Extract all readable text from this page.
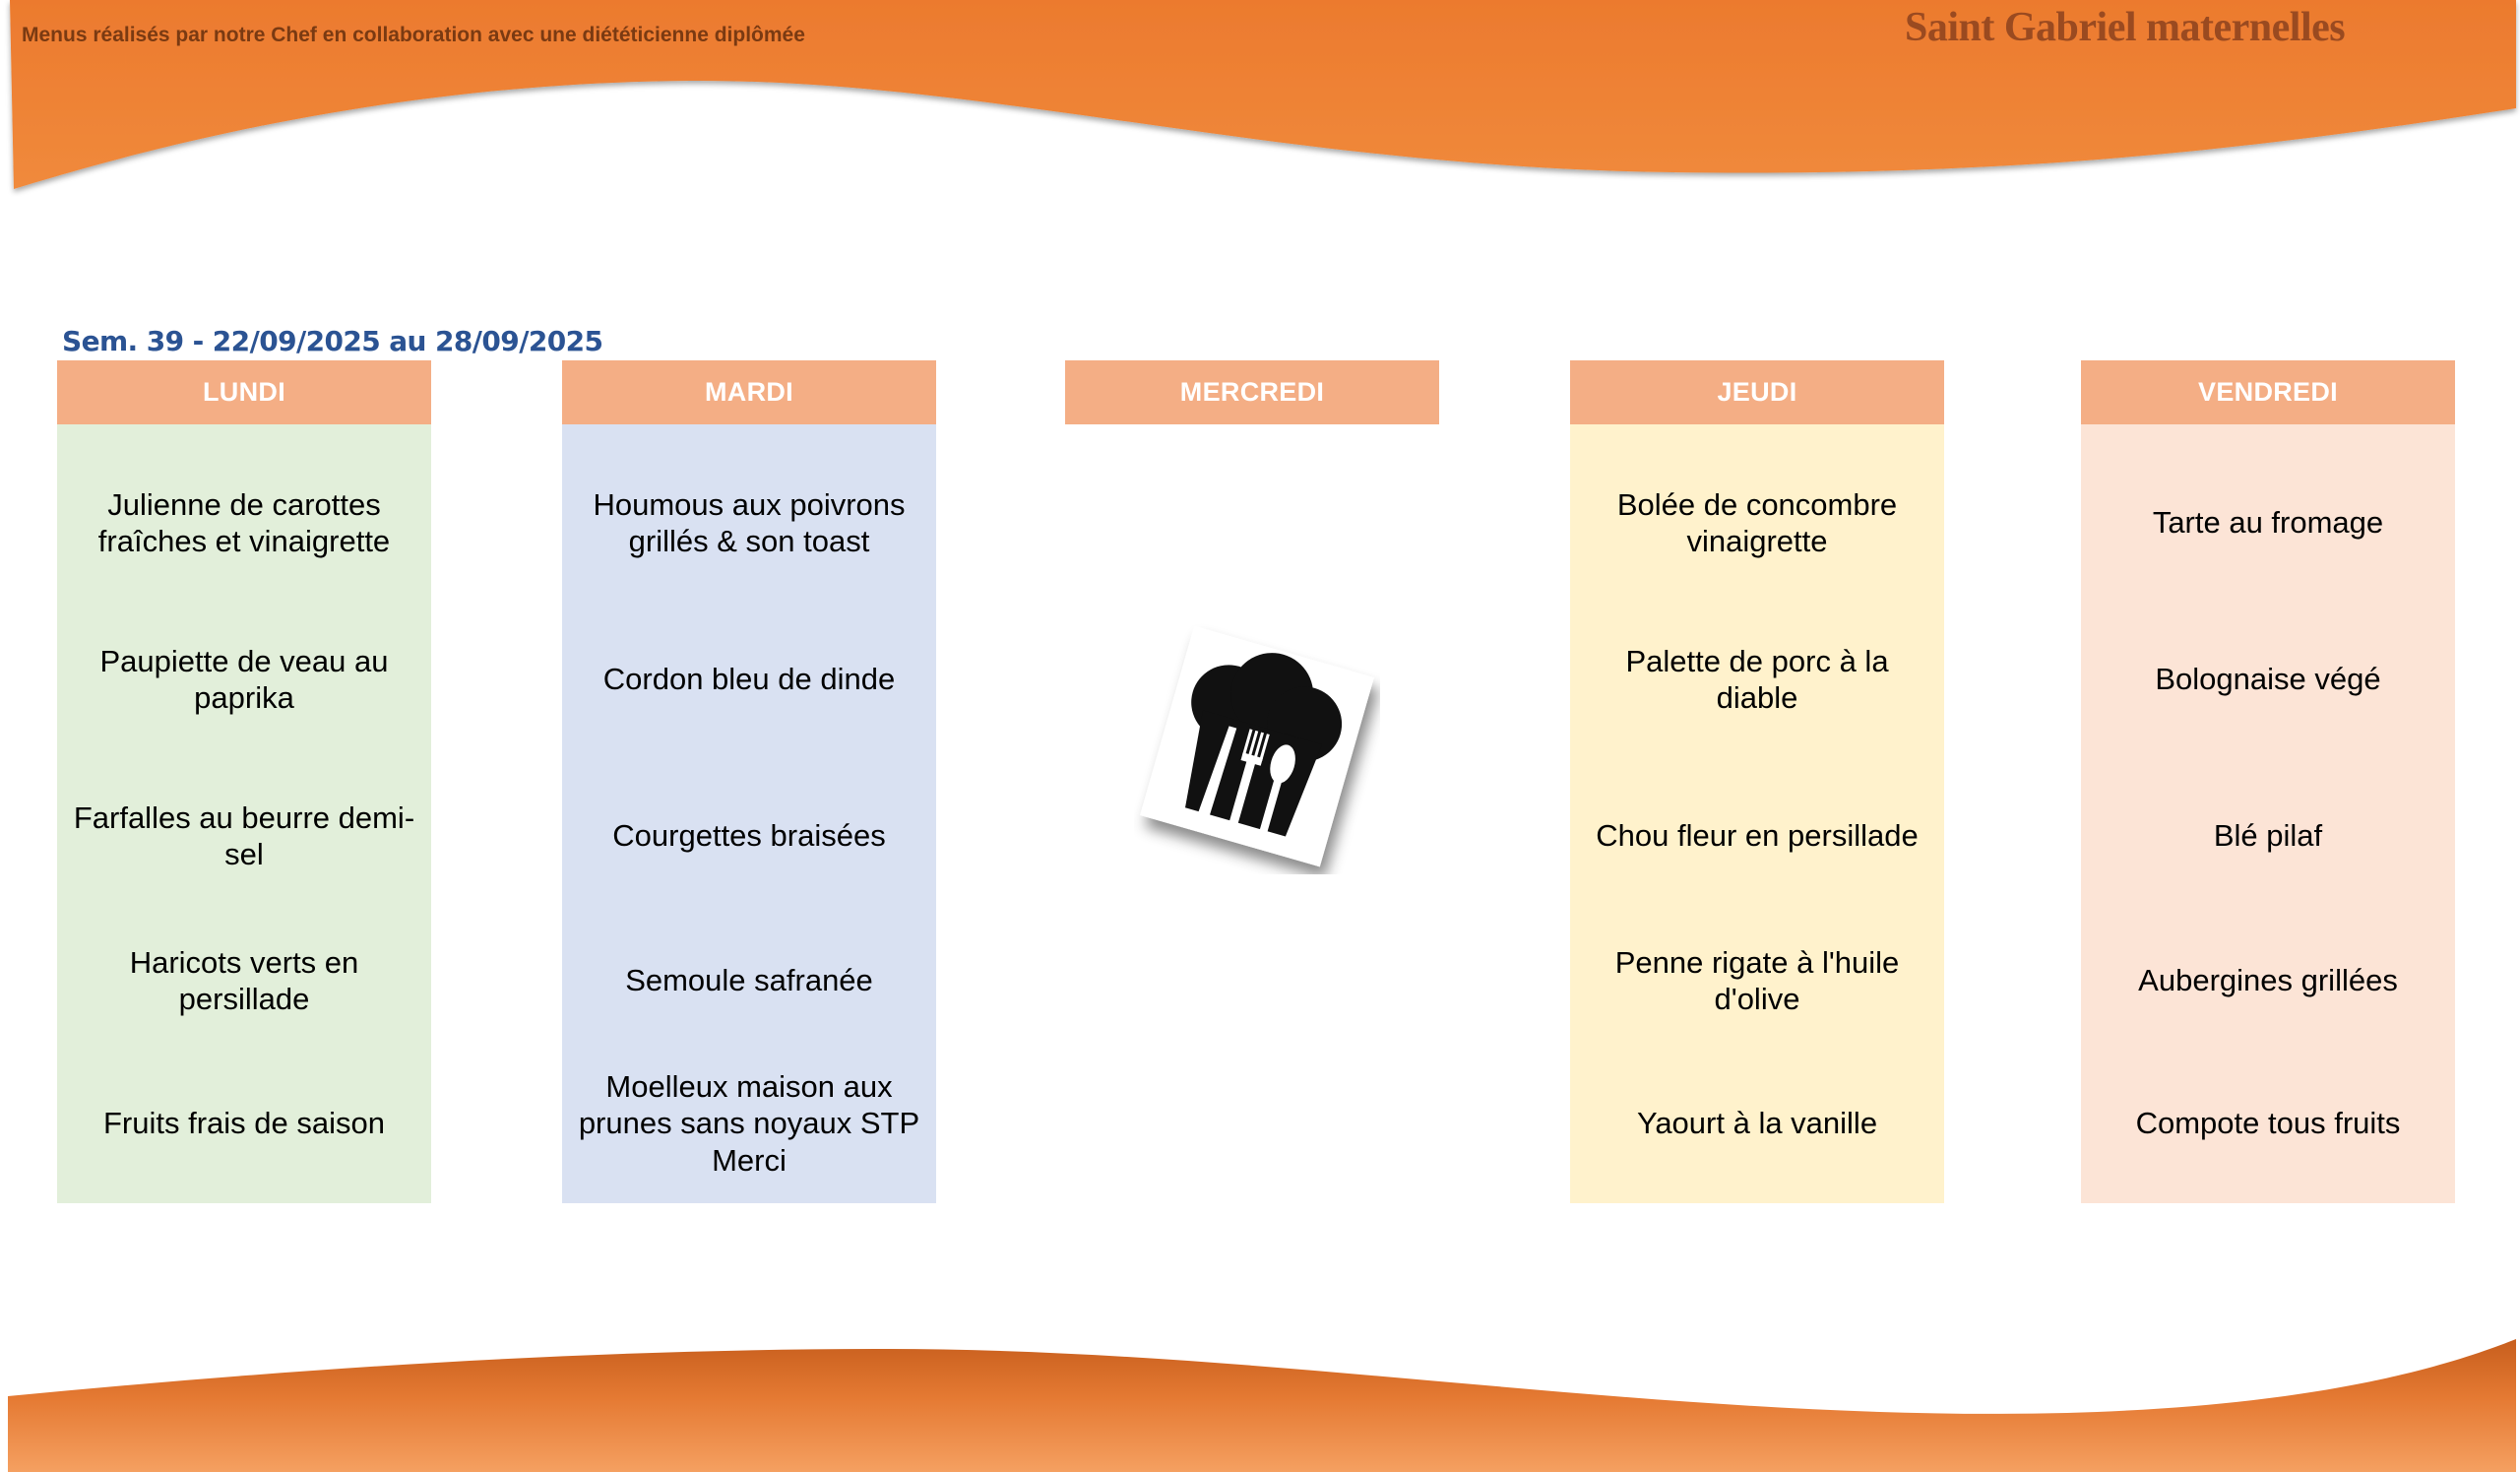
Menus réalisés par notre Chef en collaboration avec une diététicienne diplômée	Saint Gabriel maternelles
Sem. 39 - 22/09/2025 au 28/09/2025
LUNDI
Julienne de carottes fraîches et vinaigrette
Paupiette de veau au paprika
Farfalles au beurre demi-sel
Haricots verts en persillade
Fruits frais de saison
MARDI
Houmous aux poivrons grillés & son toast
Cordon bleu de dinde
Courgettes braisées
Semoule safranée
Moelleux maison aux prunes sans noyaux STP Merci
MERCREDI	JEUDI
Bolée de concombre vinaigrette
Palette de porc à la diable
Chou fleur en persillade
Penne rigate à l'huile d'olive
Yaourt à la vanille
VENDREDI
Tarte au fromage
Bolognaise végé
Blé pilaf
Aubergines grillées
Compote tous fruits
